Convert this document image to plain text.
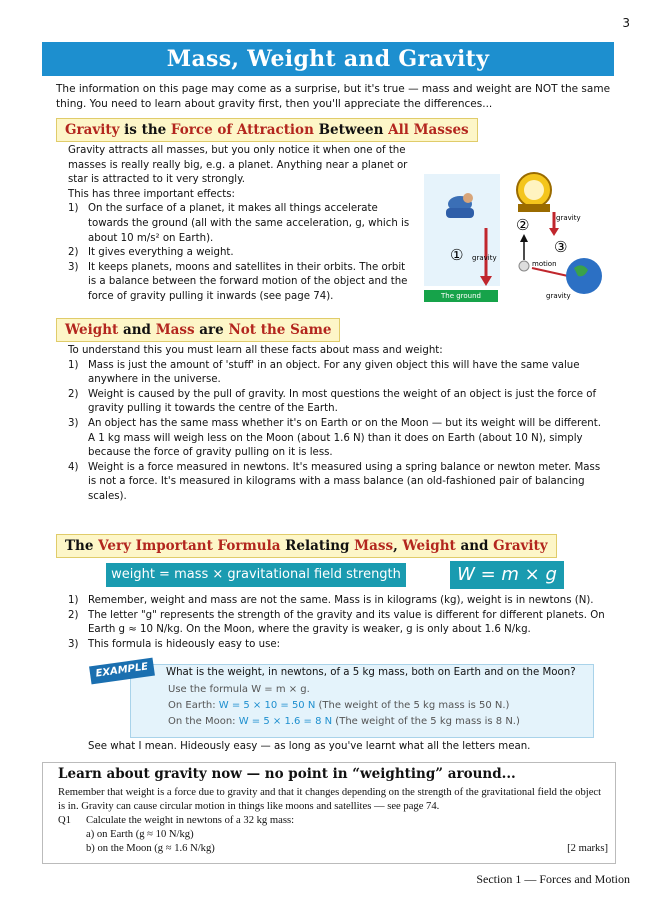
3
Mass, Weight and Gravity
The information on this page may come as a surprise, but it's true — mass and weight are NOT the same thing. You need to learn about gravity first, then you'll appreciate the differences...
Gravity is the Force of Attraction Between All Masses
Gravity attracts all masses, but you only notice it when one of the masses is really really big, e.g. a planet. Anything near a planet or star is attracted to it very strongly.
This has three important effects:
1) On the surface of a planet, it makes all things accelerate towards the ground (all with the same acceleration, g, which is about 10 m/s² on Earth).
2) It gives everything a weight.
3) It keeps planets, moons and satellites in their orbits. The orbit is a balance between the forward motion of the object and the force of gravity pulling it inwards (see page 74).
① gravity
②	gravity
③
motion
gravity
The ground
Weight and Mass are Not the Same
To understand this you must learn all these facts about mass and weight:
1) Mass is just the amount of 'stuff' in an object. For any given object this will have the same value anywhere in the universe.
2) Weight is caused by the pull of gravity. In most questions the weight of an object is just the force of gravity pulling it towards the centre of the Earth.
3) An object has the same mass whether it's on Earth or on the Moon — but its weight will be different. A 1 kg mass will weigh less on the Moon (about 1.6 N) than it does on Earth (about 10 N), simply because the force of gravity pulling on it is less.
4) Weight is a force measured in newtons. It's measured using a spring balance or newton meter. Mass is not a force. It's measured in kilograms with a mass balance (an old-fashioned pair of balancing scales).
The Very Important Formula Relating Mass, Weight and Gravity
weight = mass × gravitational field strength	W = m × g
1) Remember, weight and mass are not the same. Mass is in kilograms (kg), weight is in newtons (N).
2) The letter "g" represents the strength of the gravity and its value is different for different planets. On Earth g ≈ 10 N/kg. On the Moon, where the gravity is weaker, g is only about 1.6 N/kg.
3) This formula is hideously easy to use:
EXAMPLE	What is the weight, in newtons, of a 5 kg mass, both on Earth and on the Moon?
Use the formula W = m × g.
On Earth: W = 5 × 10 = 50 N (The weight of the 5 kg mass is 50 N.)
On the Moon: W = 5 × 1.6 = 8 N (The weight of the 5 kg mass is 8 N.)
See what I mean. Hideously easy — as long as you've learnt what all the letters mean.
Learn about gravity now — no point in “weighting” around...
Remember that weight is a force due to gravity and that it changes depending on the strength of the gravitational field the object is in. Gravity can cause circular motion in things like moons and satellites — see page 74.
Q1 Calculate the weight in newtons of a 32 kg mass:
a) on Earth (g ≈ 10 N/kg)
b) on the Moon (g ≈ 1.6 N/kg)	[2 marks]
Section 1 — Forces and Motion
